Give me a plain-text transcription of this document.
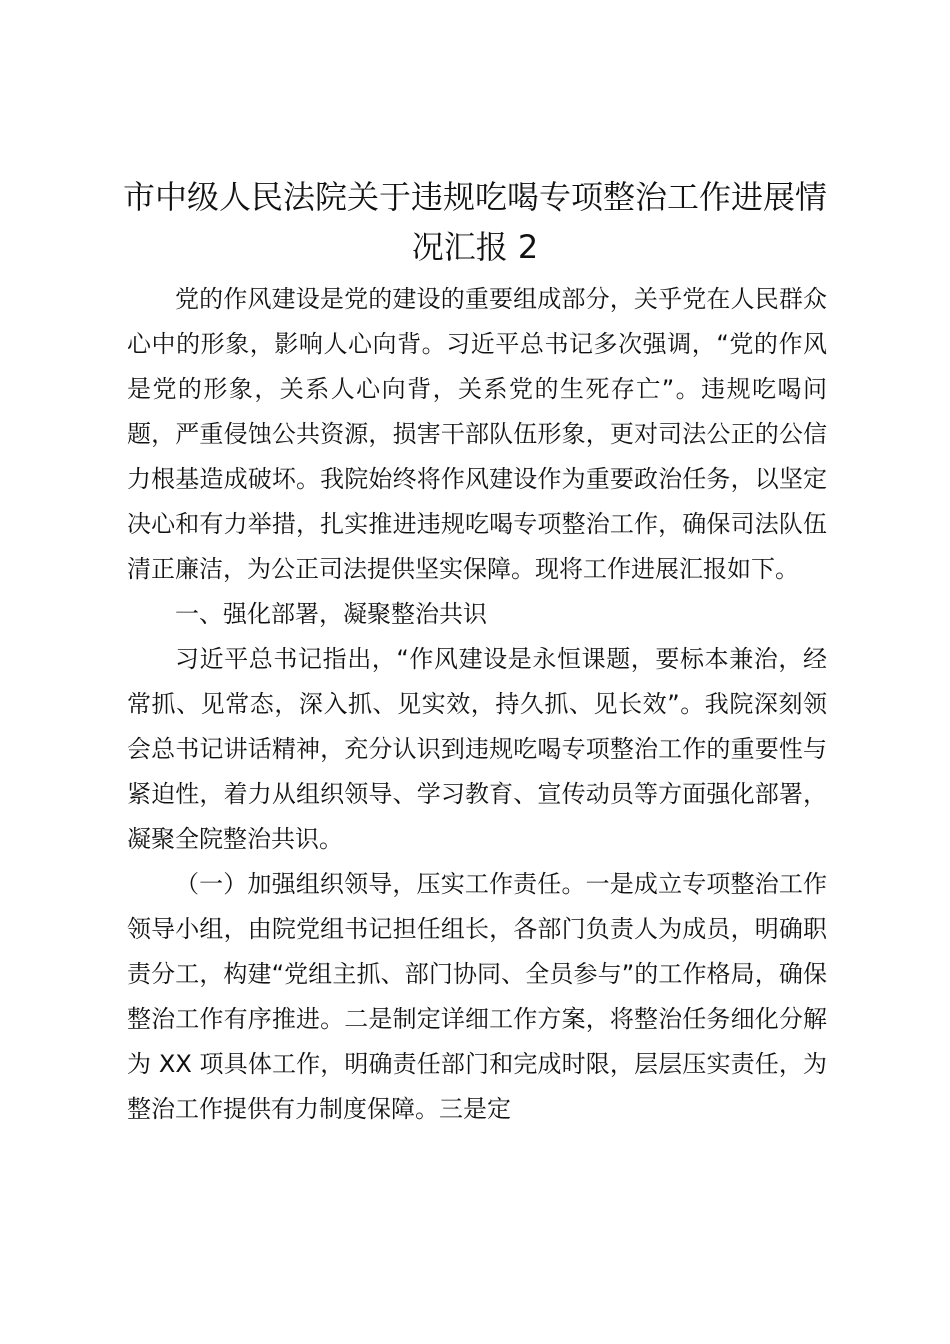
市中级人民法院关于违规吃喝专项整治工作进展情况汇报 2

党的作风建设是党的建设的重要组成部分，关乎党在人民群众心中的形象，影响人心向背。习近平总书记多次强调，“党的作风是党的形象，关系人心向背，关系党的生死存亡”。违规吃喝问题，严重侵蚀公共资源，损害干部队伍形象，更对司法公正的公信力根基造成破坏。我院始终将作风建设作为重要政治任务，以坚定决心和有力举措，扎实推进违规吃喝专项整治工作，确保司法队伍清正廉洁，为公正司法提供坚实保障。现将工作进展汇报如下。

一、强化部署，凝聚整治共识

习近平总书记指出，“作风建设是永恒课题，要标本兼治，经常抓、见常态，深入抓、见实效，持久抓、见长效”。我院深刻领会总书记讲话精神，充分认识到违规吃喝专项整治工作的重要性与紧迫性，着力从组织领导、学习教育、宣传动员等方面强化部署，凝聚全院整治共识。

（一）加强组织领导，压实工作责任。一是成立专项整治工作领导小组，由院党组书记担任组长，各部门负责人为成员，明确职责分工，构建“党组主抓、部门协同、全员参与”的工作格局，确保整治工作有序推进。二是制定详细工作方案，将整治任务细化分解为 XX 项具体工作，明确责任部门和完成时限，层层压实责任，为整治工作提供有力制度保障。三是定
